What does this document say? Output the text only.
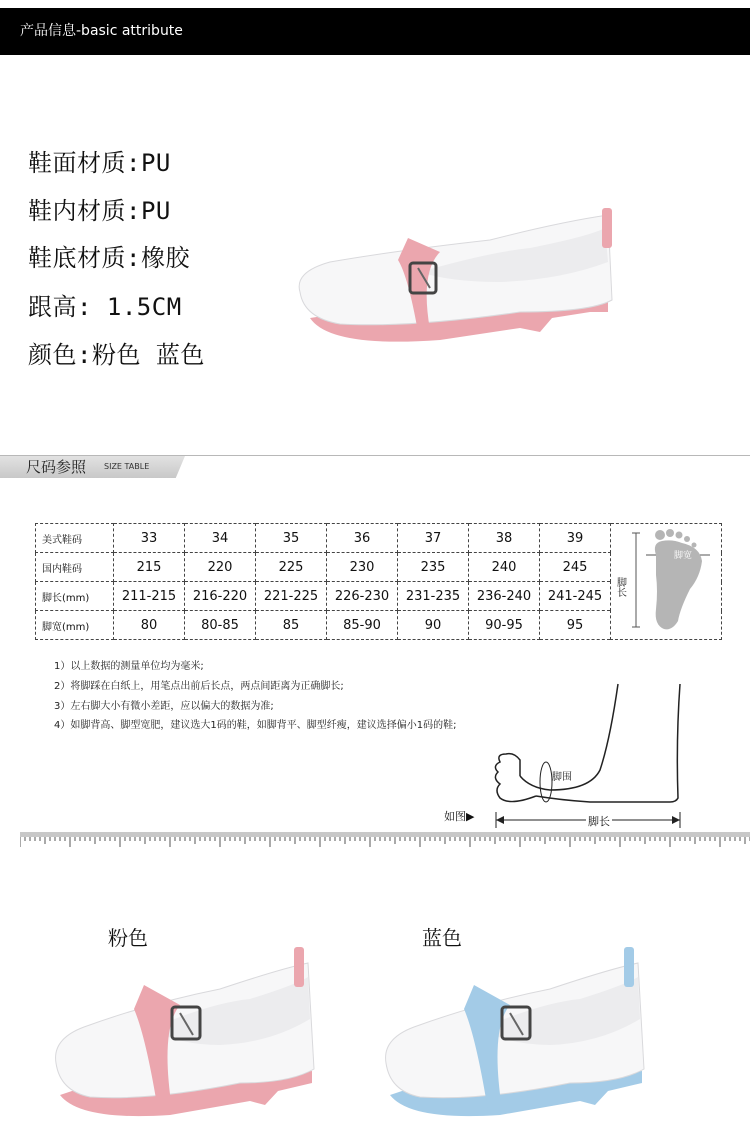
产品信息-basic attribute
鞋面材质:PU
鞋内材质:PU
鞋底材质:橡胶
跟高: 1.5CM
颜色:粉色 蓝色
尺码参照 SIZE TABLE
美式鞋码	33	34	35	36	37	38	39	脚长
脚宽

国内鞋码	215	220	225	230	235	240	245	
脚长(mm)	211-215	216-220	221-225	226-230	231-235	236-240	241-245	
脚宽(mm)	80	80-85	85	85-90	90	90-95	95	
1）以上数据的测量单位均为毫米;
2）将脚踩在白纸上，用笔点出前后长点，两点间距离为正确脚长;
3）左右脚大小有微小差距，应以偏大的数据为准;
4）如脚背高、脚型宽肥，建议选大1码的鞋，如脚背平、脚型纤瘦，建议选择偏小1码的鞋;
脚围
脚长
如图▶
粉色	蓝色
